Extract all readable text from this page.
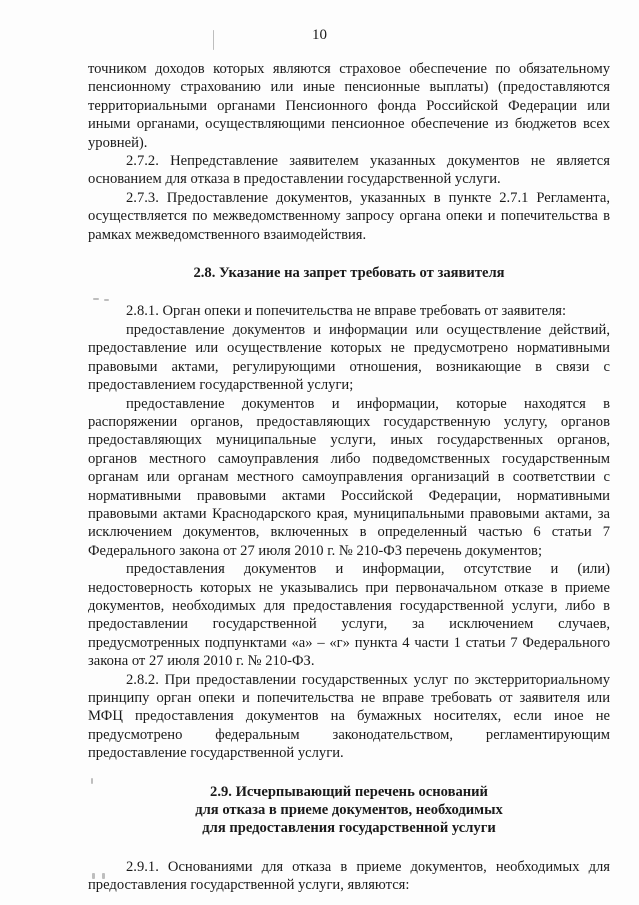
10

точником доходов которых являются страховое обеспечение по обязательному пенсионному страхованию или иные пенсионные выплаты) (предоставляются территориальными органами Пенсионного фонда Российской Федерации или иными органами, осуществляющими пенсионное обеспечение из бюджетов всех уровней).

2.7.2. Непредставление заявителем указанных документов не является основанием для отказа в предоставлении государственной услуги.

2.7.3. Предоставление документов, указанных в пункте 2.7.1 Регламента, осуществляется по межведомственному запросу органа опеки и попечительства в рамках межведомственного взаимодействия.

2.8. Указание на запрет требовать от заявителя

2.8.1. Орган опеки и попечительства не вправе требовать от заявителя:

предоставление документов и информации или осуществление действий, предоставление или осуществление которых не предусмотрено нормативными правовыми актами, регулирующими отношения, возникающие в связи с предоставлением государственной услуги;

предоставление документов и информации, которые находятся в распоряжении органов, предоставляющих государственную услугу, органов предоставляющих муниципальные услуги, иных государственных органов, органов местного самоуправления либо подведомственных государственным органам или органам местного самоуправления организаций в соответствии с нормативными правовыми актами Российской Федерации, нормативными правовыми актами Краснодарского края, муниципальными правовыми актами, за исключением документов, включенных в определенный частью 6 статьи 7 Федерального закона от 27 июля 2010 г. № 210-ФЗ перечень документов;

предоставления документов и информации, отсутствие и (или) недостоверность которых не указывались при первоначальном отказе в приеме документов, необходимых для предоставления государственной услуги, либо в предоставлении государственной услуги, за исключением случаев, предусмотренных подпунктами «а» – «г» пункта 4 части 1 статьи 7 Федерального закона от 27 июля 2010 г. № 210-ФЗ.

2.8.2. При предоставлении государственных услуг по экстерриториальному принципу орган опеки и попечительства не вправе требовать от заявителя или МФЦ предоставления документов на бумажных носителях, если иное не предусмотрено федеральным законодательством, регламентирующим предоставление государственной услуги.

2.9. Исчерпывающий перечень оснований
для отказа в приеме документов, необходимых
для предоставления государственной услуги

2.9.1. Основаниями для отказа в приеме документов, необходимых для предоставления государственной услуги, являются:
